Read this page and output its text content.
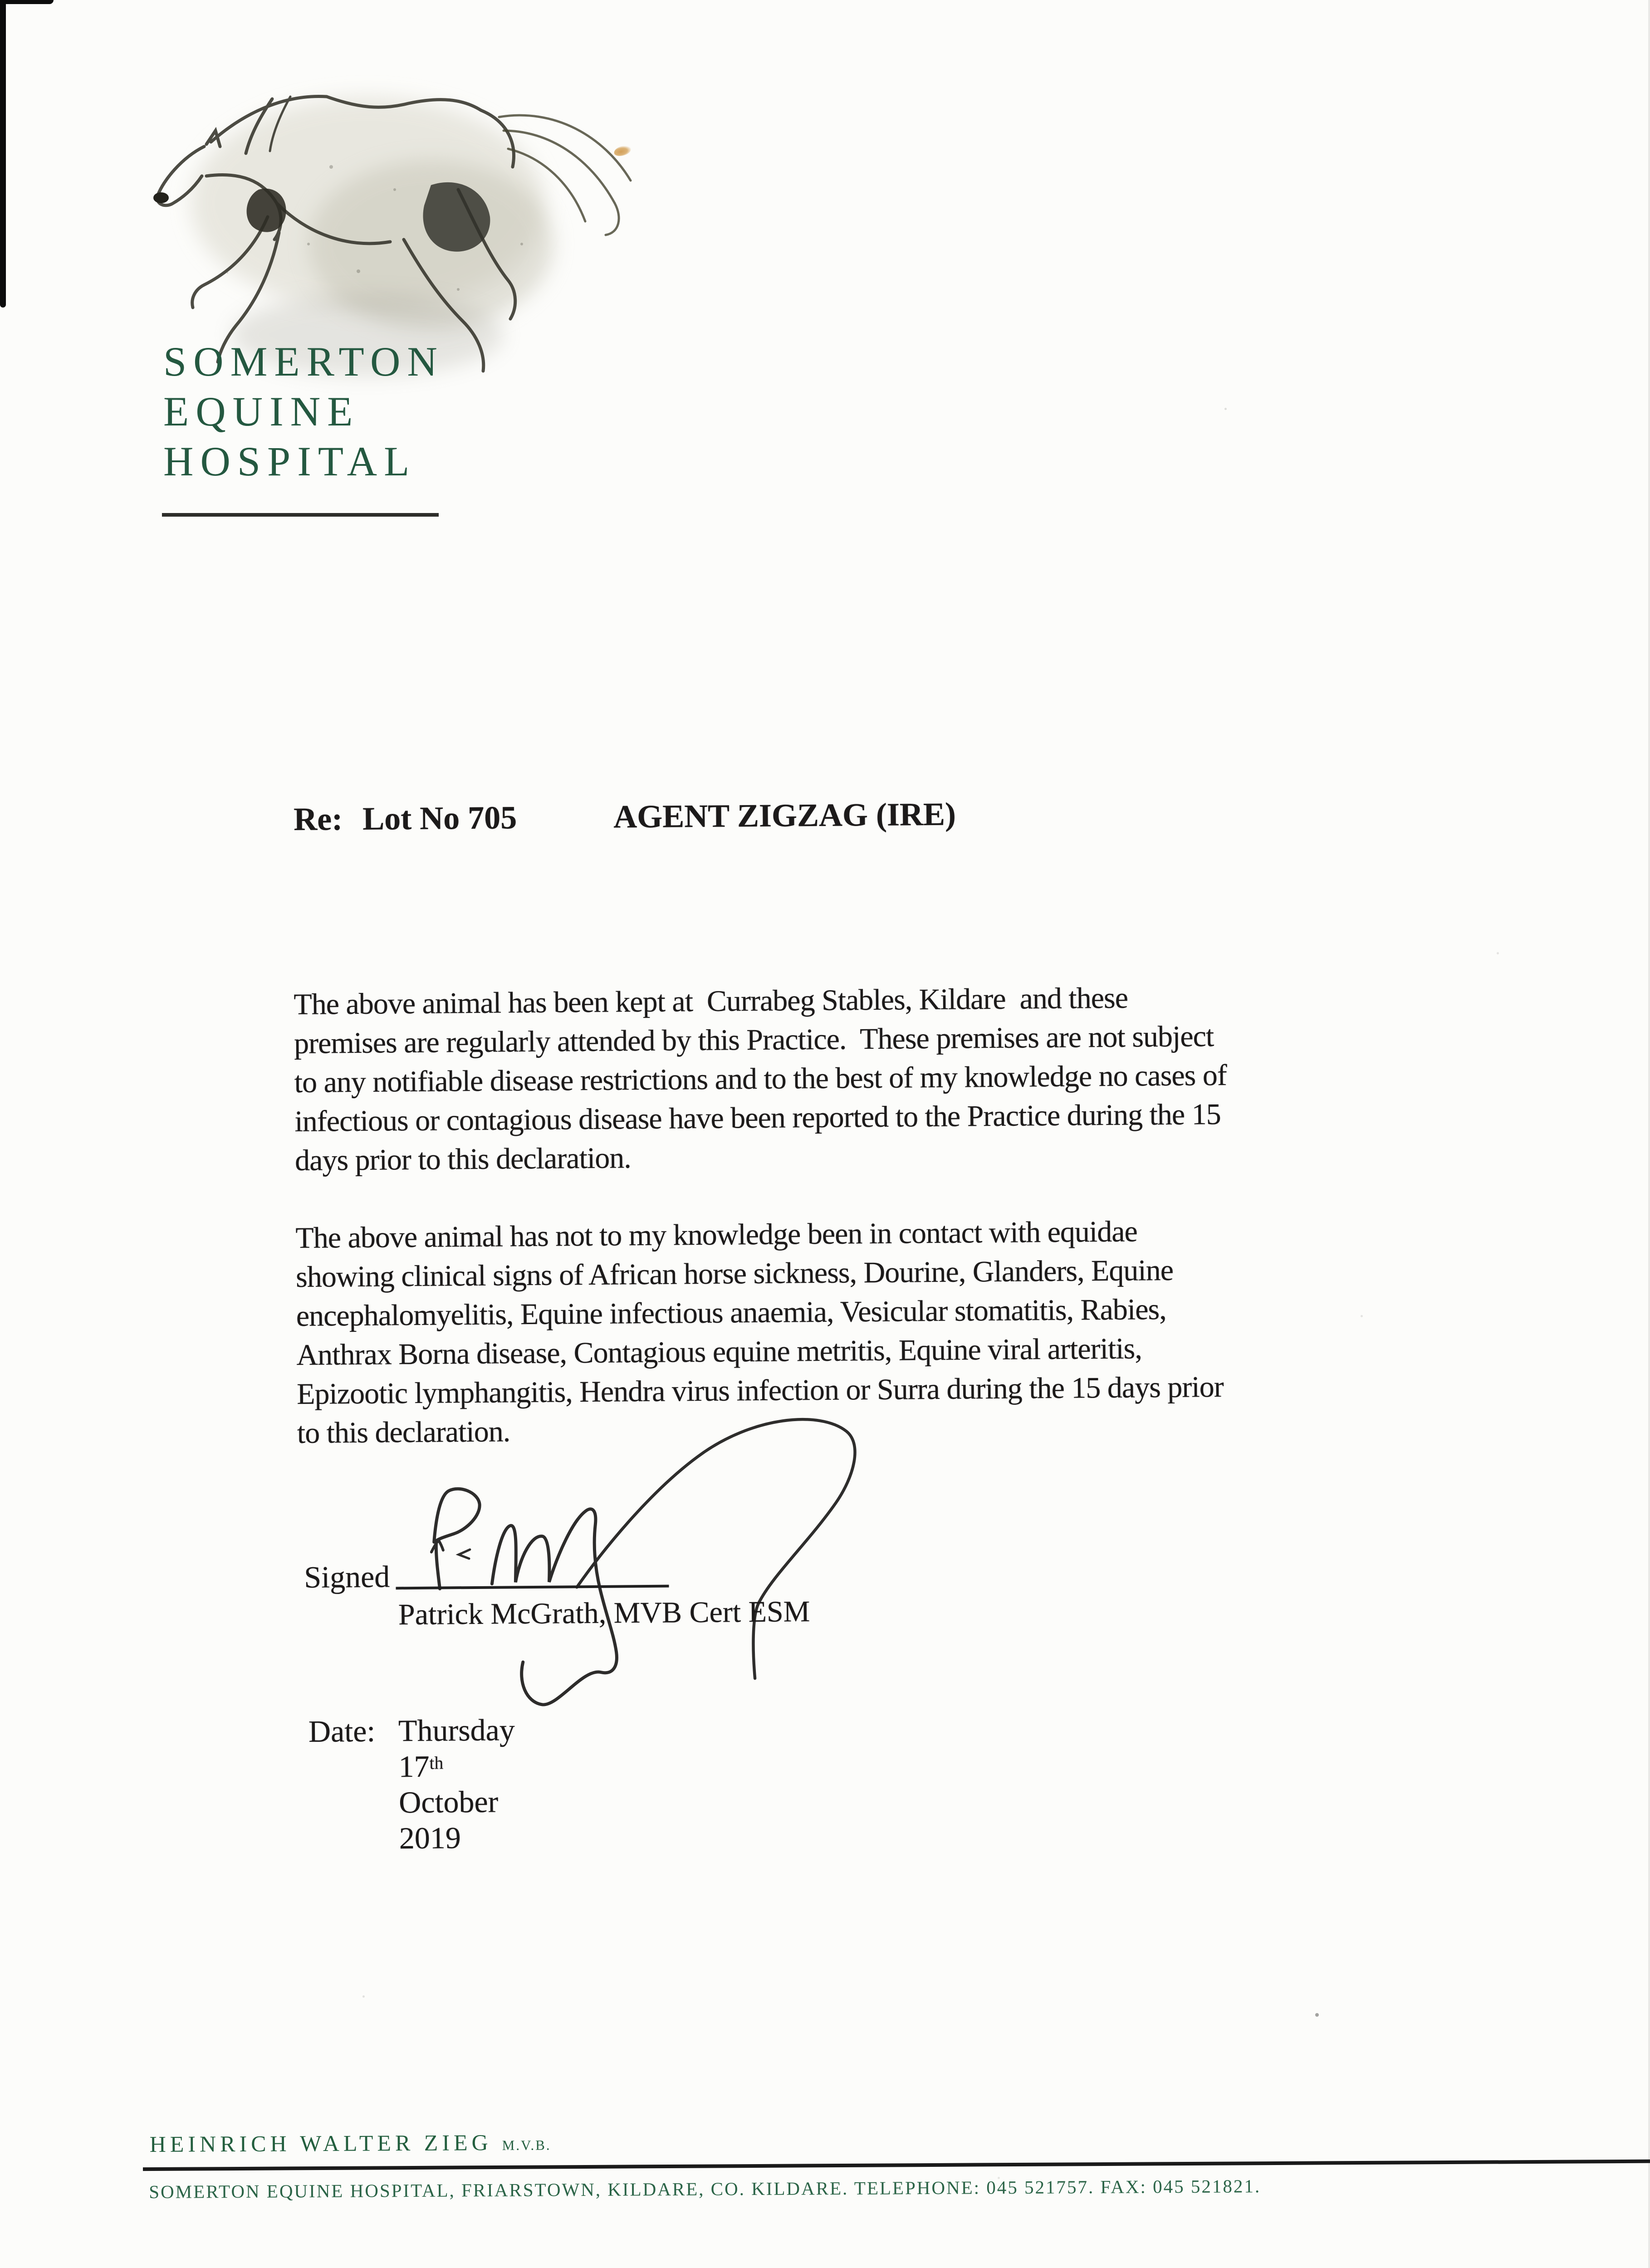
SOMERTON
EQUINE
HOSPITAL
Re: Lot No 705	AGENT ZIGZAG (IRE)
The above animal has been kept at  Currabeg Stables, Kildare  and these
premises are regularly attended by this Practice.  These premises are not subject
to any notifiable disease restrictions and to the best of my knowledge no cases of
infectious or contagious disease have been reported to the Practice during the 15
days prior to this declaration.
The above animal has not to my knowledge been in contact with equidae
showing clinical signs of African horse sickness, Dourine, Glanders, Equine
encephalomyelitis, Equine infectious anaemia, Vesicular stomatitis, Rabies,
Anthrax Borna disease, Contagious equine metritis, Equine viral arteritis,
Epizootic lymphangitis, Hendra virus infection or Surra during the 15 days prior
to this declaration.
Signed
Patrick McGrath, MVB Cert ESM
Date: Thursday 17th October 2019
HEINRICH WALTER ZIEG M.V.B.
SOMERTON EQUINE HOSPITAL, FRIARSTOWN, KILDARE, CO. KILDARE. TELEPHONE: 045 521757. FAX: 045 521821.
